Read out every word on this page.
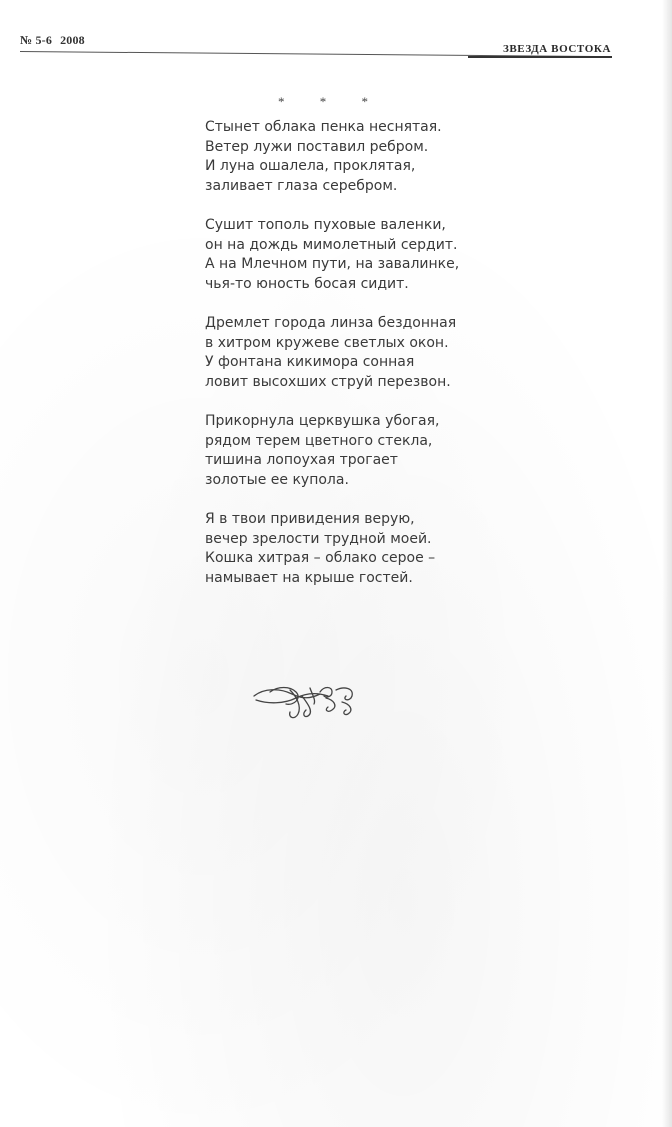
№ 5-6 2008
ЗВЕЗДА ВОСТОКА
* * *
Стынет облака пенка неснятая.
Ветер лужи поставил ребром.
И луна ошалела, проклятая,
заливает глаза серебром.
Сушит тополь пуховые валенки,
он на дождь мимолетный сердит.
А на Млечном пути, на завалинке,
чья-то юность босая сидит.
Дремлет города линза бездонная
в хитром кружеве светлых окон.
У фонтана кикимора сонная
ловит высохших струй перезвон.
Прикорнула церквушка убогая,
рядом терем цветного стекла,
тишина лопоухая трогает
золотые ее купола.
Я в твои привидения верую,
вечер зрелости трудной моей.
Кошка хитрая – облако серое –
намывает на крыше гостей.
